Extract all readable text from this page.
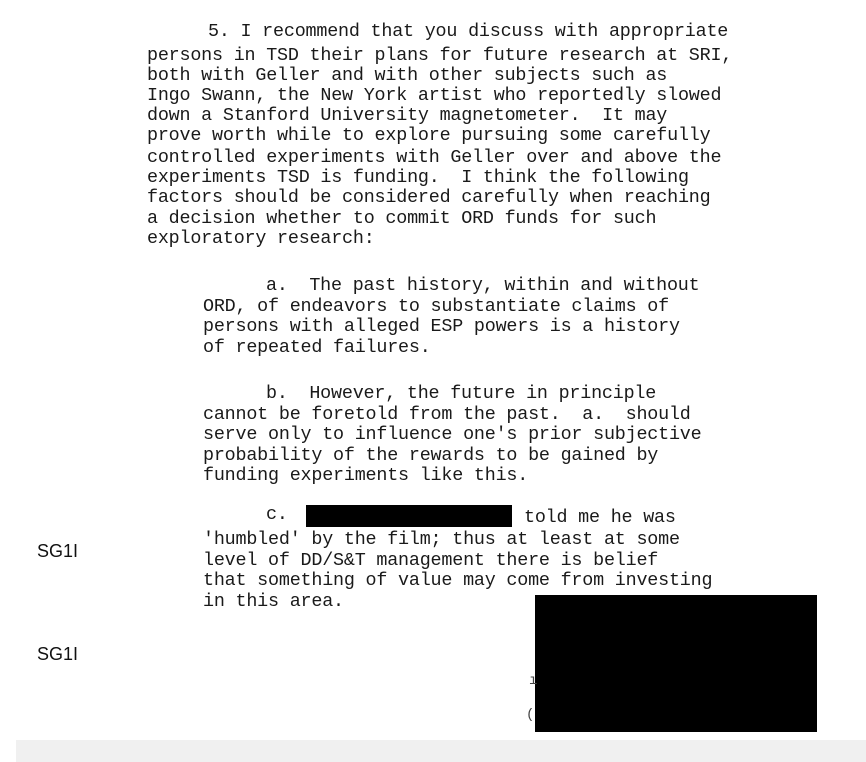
5. I recommend that you discuss with appropriate
persons in TSD their plans for future research at SRI,
both with Geller and with other subjects such as
Ingo Swann, the New York artist who reportedly slowed
down a Stanford University magnetometer.  It may
prove worth while to explore pursuing some carefully
controlled experiments with Geller over and above the
experiments TSD is funding.  I think the following
factors should be considered carefully when reaching
a decision whether to commit ORD funds for such
exploratory research:
a.  The past history, within and without
ORD, of endeavors to substantiate claims of
persons with alleged ESP powers is a history
of repeated failures.
b.  However, the future in principle
cannot be foretold from the past.  a.  should
serve only to influence one's prior subjective
probability of the rewards to be gained by
funding experiments like this.
c.	told me he was
'humbled' by the film; thus at least at some
level of DD/S&T management there is belief
that something of value may come from investing
in this area.
ı
(
SG1I
SG1I
